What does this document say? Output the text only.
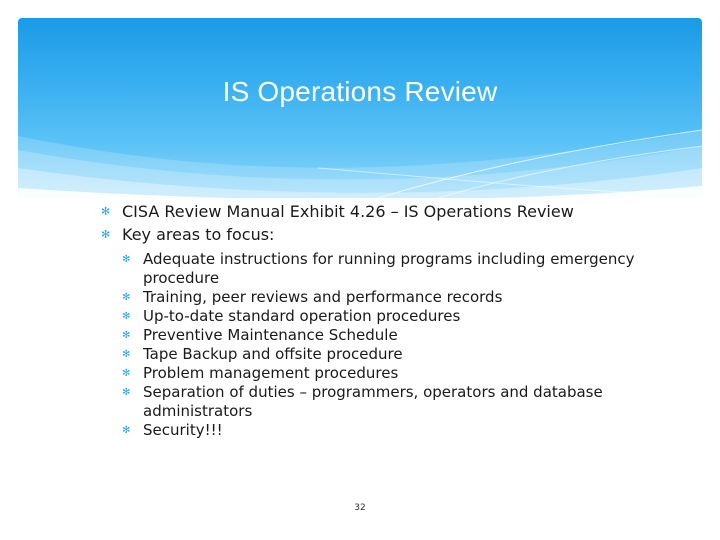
IS Operations Review
✻ CISA Review Manual Exhibit 4.26 – IS Operations Review
✻ Key areas to focus:
✻ Adequate instructions for running programs including emergency procedure
✻ Training, peer reviews and performance records
✻ Up-to-date standard operation procedures
✻ Preventive Maintenance Schedule
✻ Tape Backup and offsite procedure
✻ Problem management procedures
✻ Separation of duties – programmers, operators and database administrators
✻ Security!!!
32
